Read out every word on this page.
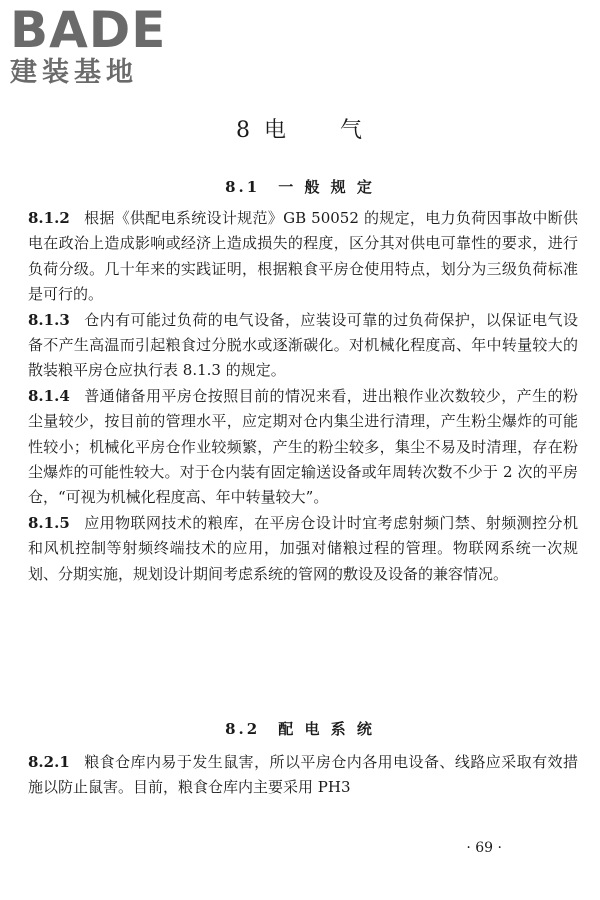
BADE
建装基地
8 电 气
8.1 一 般 规 定

8.1.2 根据《供配电系统设计规范》GB 50052 的规定，电力负荷因事故中断供电在政治上造成影响或经济上造成损失的程度，区分其对供电可靠性的要求，进行负荷分级。几十年来的实践证明，根据粮食平房仓使用特点，划分为三级负荷标准是可行的。

8.1.3 仓内有可能过负荷的电气设备，应装设可靠的过负荷保护，以保证电气设备不产生高温而引起粮食过分脱水或逐渐碳化。对机械化程度高、年中转量较大的散装粮平房仓应执行表 8.1.3 的规定。

8.1.4 普通储备用平房仓按照目前的情况来看，进出粮作业次数较少，产生的粉尘量较少，按目前的管理水平，应定期对仓内集尘进行清理，产生粉尘爆炸的可能性较小；机械化平房仓作业较频繁，产生的粉尘较多，集尘不易及时清理，存在粉尘爆炸的可能性较大。对于仓内装有固定输送设备或年周转次数不少于 2 次的平房仓，“可视为机械化程度高、年中转量较大”。

8.1.5 应用物联网技术的粮库，在平房仓设计时宜考虑射频门禁、射频测控分机和风机控制等射频终端技术的应用，加强对储粮过程的管理。物联网系统一次规划、分期实施，规划设计期间考虑系统的管网的敷设及设备的兼容情况。

8.2 配 电 系 统

8.2.1 粮食仓库内易于发生鼠害，所以平房仓内各用电设备、线路应采取有效措施以防止鼠害。目前，粮食仓库内主要采用 PH3

· 69 ·
